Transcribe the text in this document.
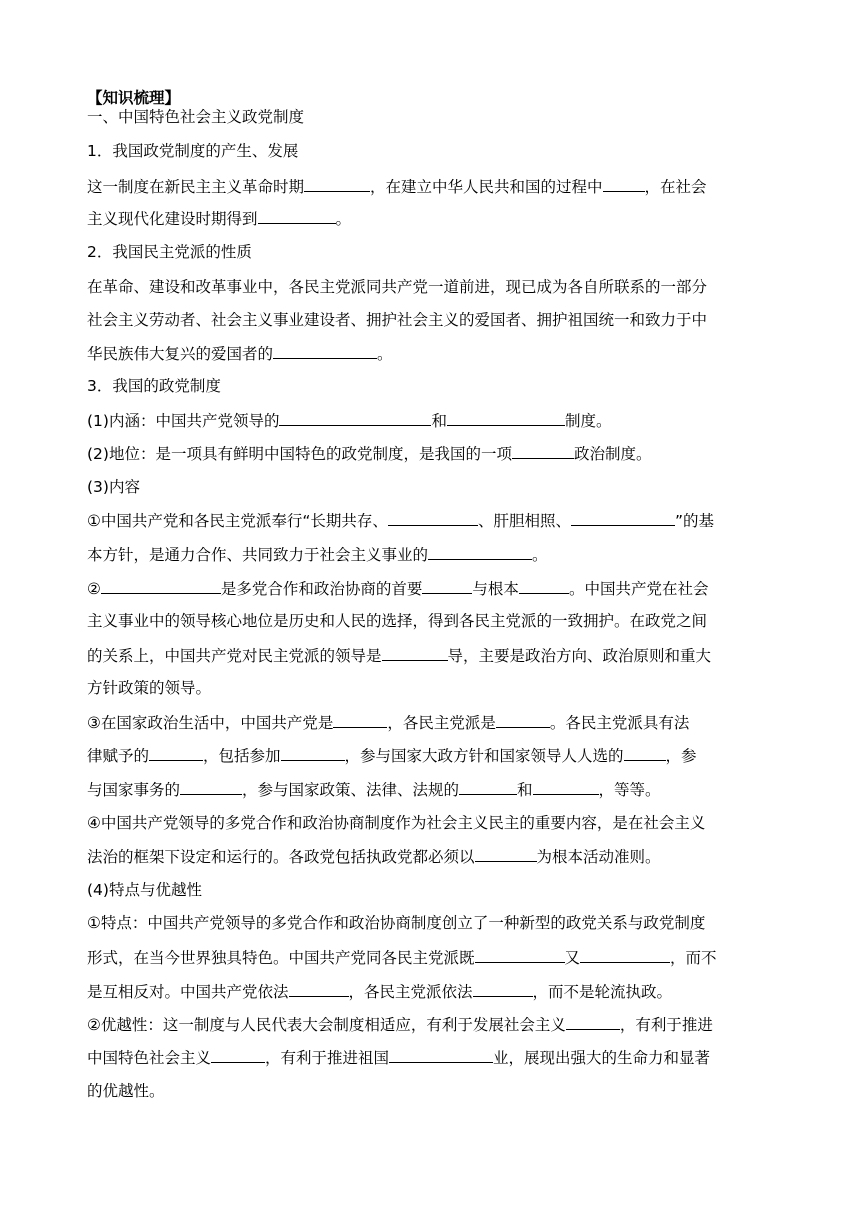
【知识梳理】
一、中国特色社会主义政党制度
1．我国政党制度的产生、发展
这一制度在新民主主义革命时期	，在建立中华人民共和国的过程中	，在社会
主义现代化建设时期得到	。
2．我国民主党派的性质
在革命、建设和改革事业中，各民主党派同共产党一道前进，现已成为各自所联系的一部分
社会主义劳动者、社会主义事业建设者、拥护社会主义的爱国者、拥护祖国统一和致力于中
华民族伟大复兴的爱国者的	。
3．我国的政党制度
(1)内涵：中国共产党领导的	和	制度。
(2)地位：是一项具有鲜明中国特色的政党制度，是我国的一项	政治制度。
(3)内容
①中国共产党和各民主党派奉行“长期共存、	、肝胆相照、	”的基
本方针，是通力合作、共同致力于社会主义事业的	。
②	是多党合作和政治协商的首要	与根本	。中国共产党在社会
主义事业中的领导核心地位是历史和人民的选择，得到各民主党派的一致拥护。在政党之间
的关系上，中国共产党对民主党派的领导是	导，主要是政治方向、政治原则和重大
方针政策的领导。
③在国家政治生活中，中国共产党是	，各民主党派是	。各民主党派具有法
律赋予的	，包括参加	，参与国家大政方针和国家领导人人选的	，参
与国家事务的	，参与国家政策、法律、法规的	和	，等等。
④中国共产党领导的多党合作和政治协商制度作为社会主义民主的重要内容，是在社会主义
法治的框架下设定和运行的。各政党包括执政党都必须以	为根本活动准则。
(4)特点与优越性
①特点：中国共产党领导的多党合作和政治协商制度创立了一种新型的政党关系与政党制度
形式，在当今世界独具特色。中国共产党同各民主党派既	又	，而不
是互相反对。中国共产党依法	，各民主党派依法	，而不是轮流执政。
②优越性：这一制度与人民代表大会制度相适应，有利于发展社会主义	，有利于推进
中国特色社会主义	，有利于推进祖国	业，展现出强大的生命力和显著
的优越性。
